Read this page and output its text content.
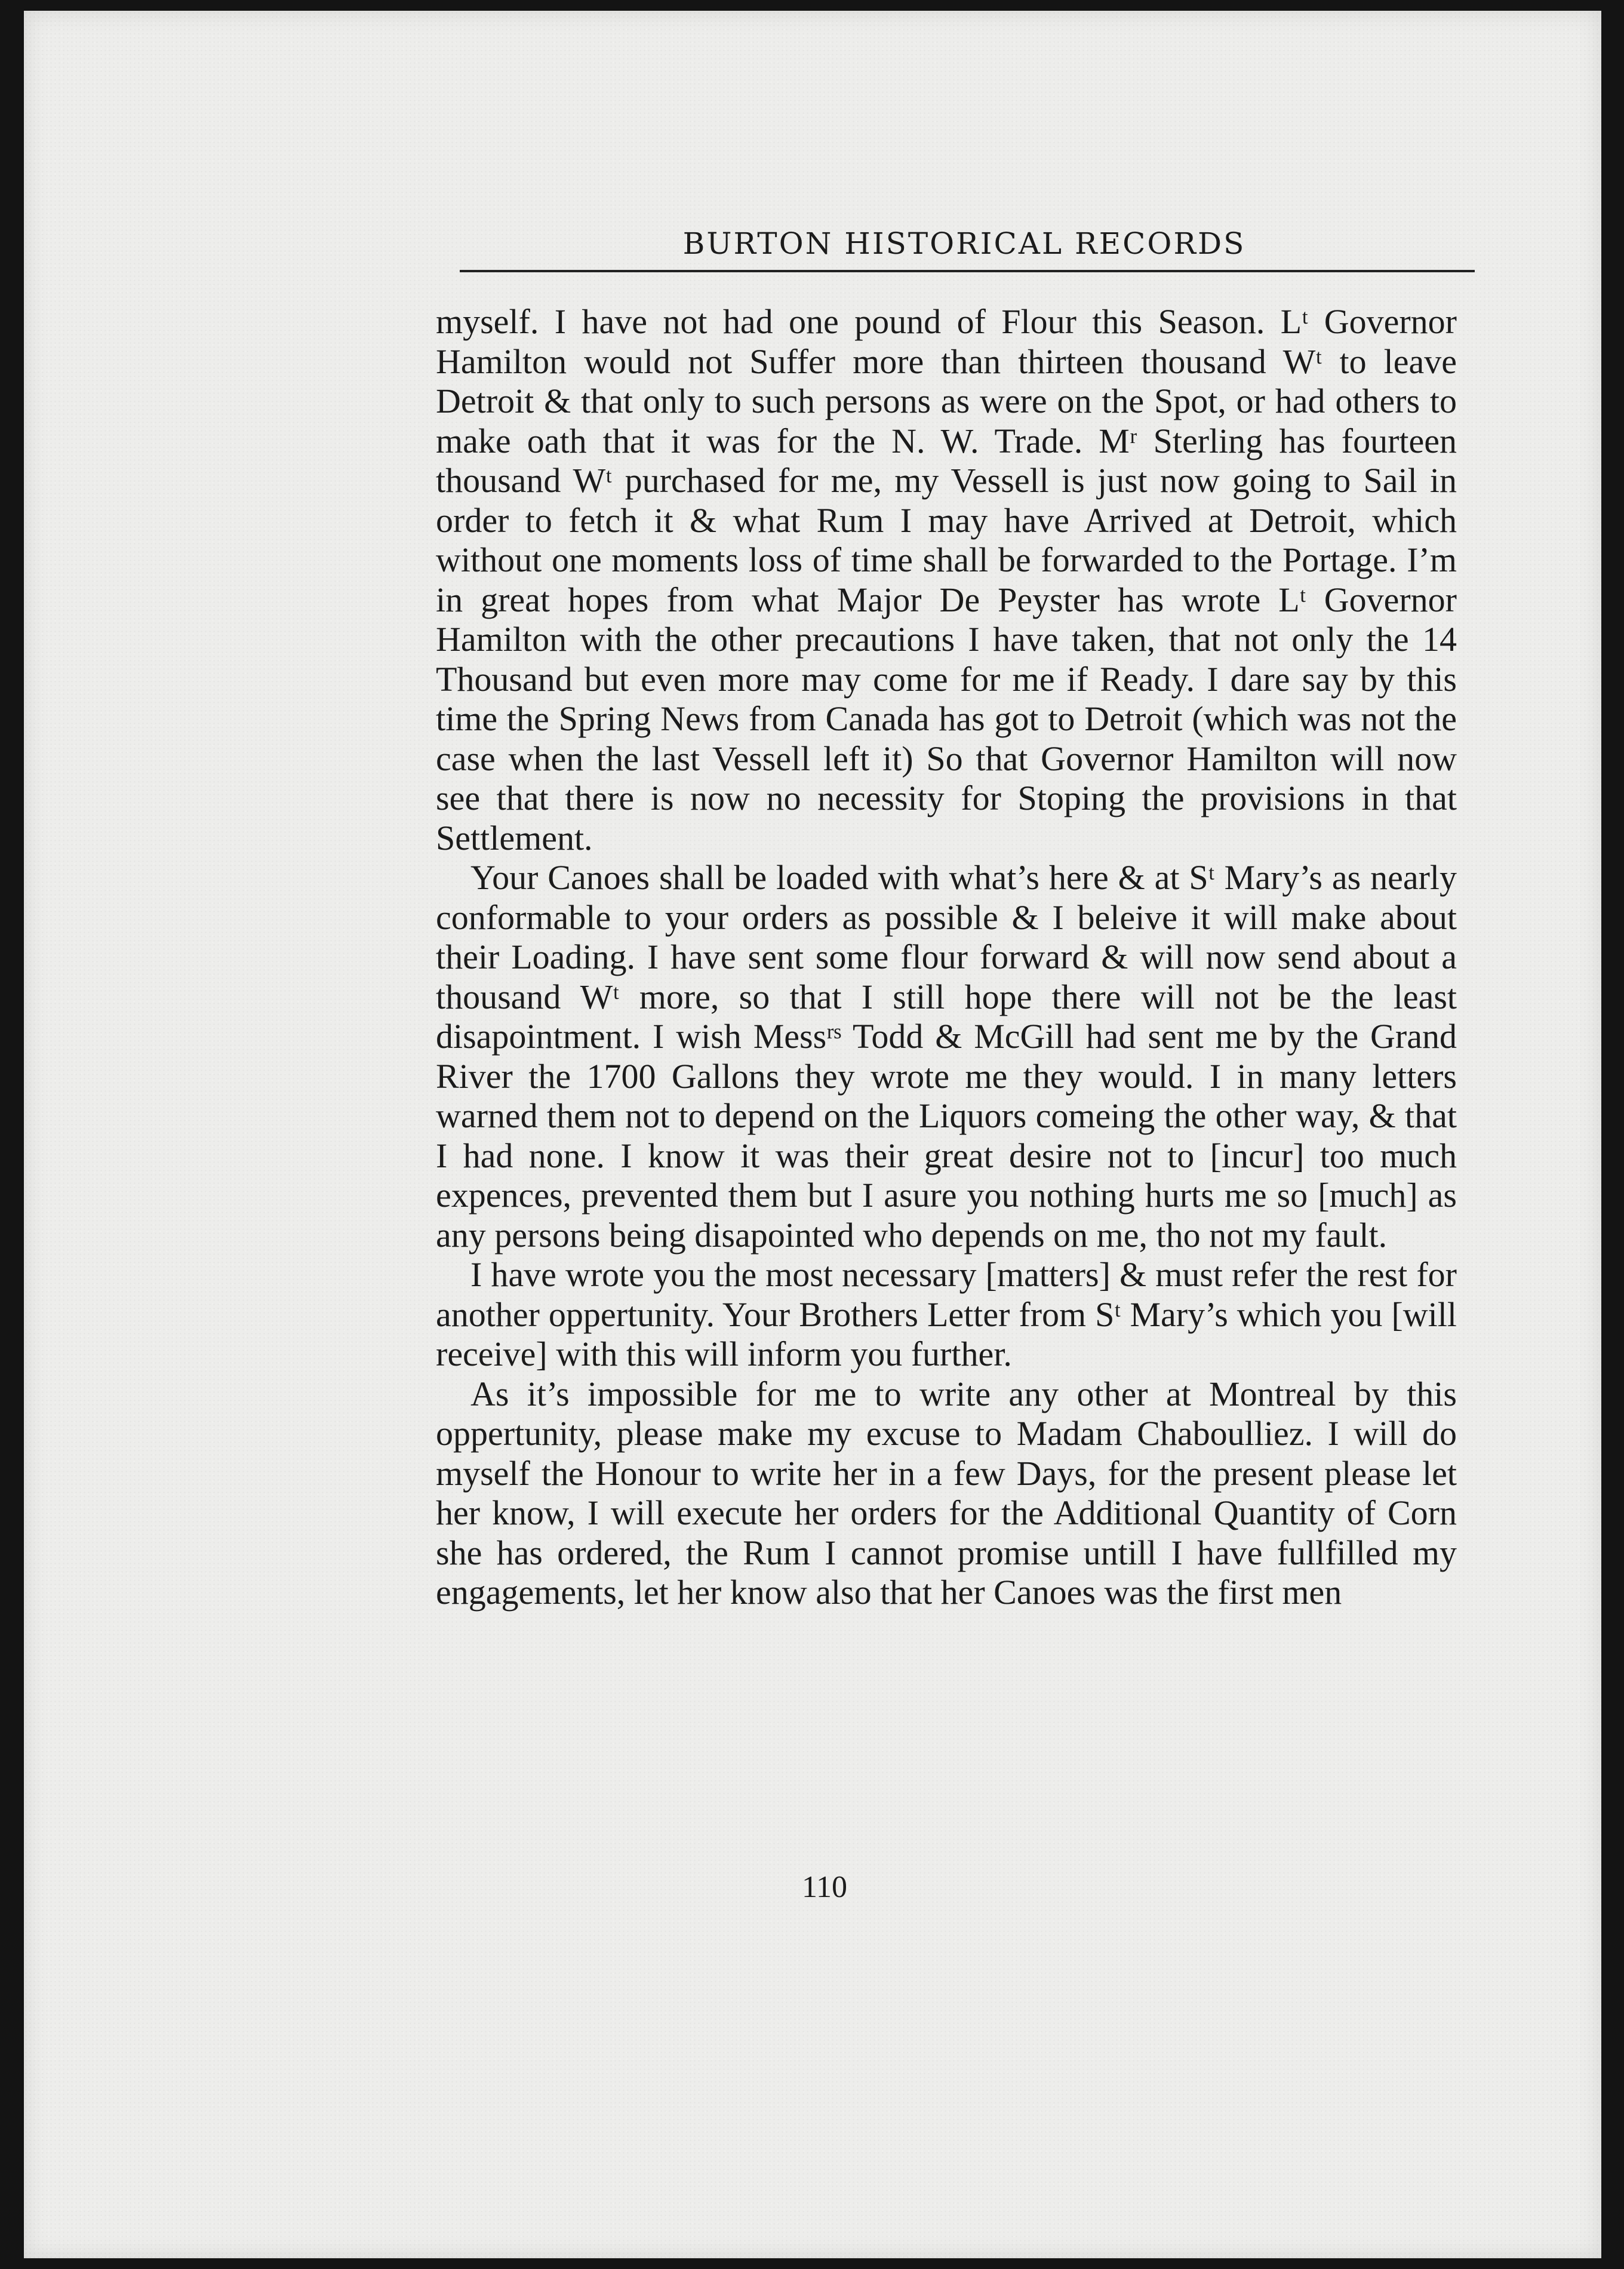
BURTON HISTORICAL RECORDS

myself. I have not had one pound of Flour this Season. Lᵗ Governor Hamilton would not Suffer more than thirteen thousand Wᵗ to leave Detroit & that only to such persons as were on the Spot, or had others to make oath that it was for the N. W. Trade. Mʳ Sterling has fourteen thousand Wᵗ purchased for me, my Vessell is just now going to Sail in order to fetch it & what Rum I may have Arrived at Detroit, which without one moments loss of time shall be forwarded to the Portage. I’m in great hopes from what Major De Peyster has wrote Lᵗ Governor Hamilton with the other precautions I have taken, that not only the 14 Thousand but even more may come for me if Ready. I dare say by this time the Spring News from Canada has got to Detroit (which was not the case when the last Vessell left it) So that Governor Hamilton will now see that there is now no necessity for Stoping the provisions in that Settlement.

Your Canoes shall be loaded with what’s here & at Sᵗ Mary’s as nearly conformable to your orders as possible & I beleive it will make about their Loading. I have sent some flour forward & will now send about a thousand Wᵗ more, so that I still hope there will not be the least disapointment. I wish Messʳˢ Todd & McGill had sent me by the Grand River the 1700 Gallons they wrote me they would. I in many letters warned them not to depend on the Liquors comeing the other way, & that I had none. I know it was their great desire not to [incur] too much expences, prevented them but I asure you nothing hurts me so [much] as any persons being disapointed who depends on me, tho not my fault.

I have wrote you the most necessary [matters] & must refer the rest for another oppertunity. Your Brothers Letter from Sᵗ Mary’s which you [will receive] with this will inform you further.

As it’s impossible for me to write any other at Montreal by this oppertunity, please make my excuse to Madam Chaboulliez. I will do myself the Honour to write her in a few Days, for the present please let her know, I will execute her orders for the Additional Quantity of Corn she has ordered, the Rum I cannot promise untill I have fullfilled my engagements, let her know also that her Canoes was the first men

110
